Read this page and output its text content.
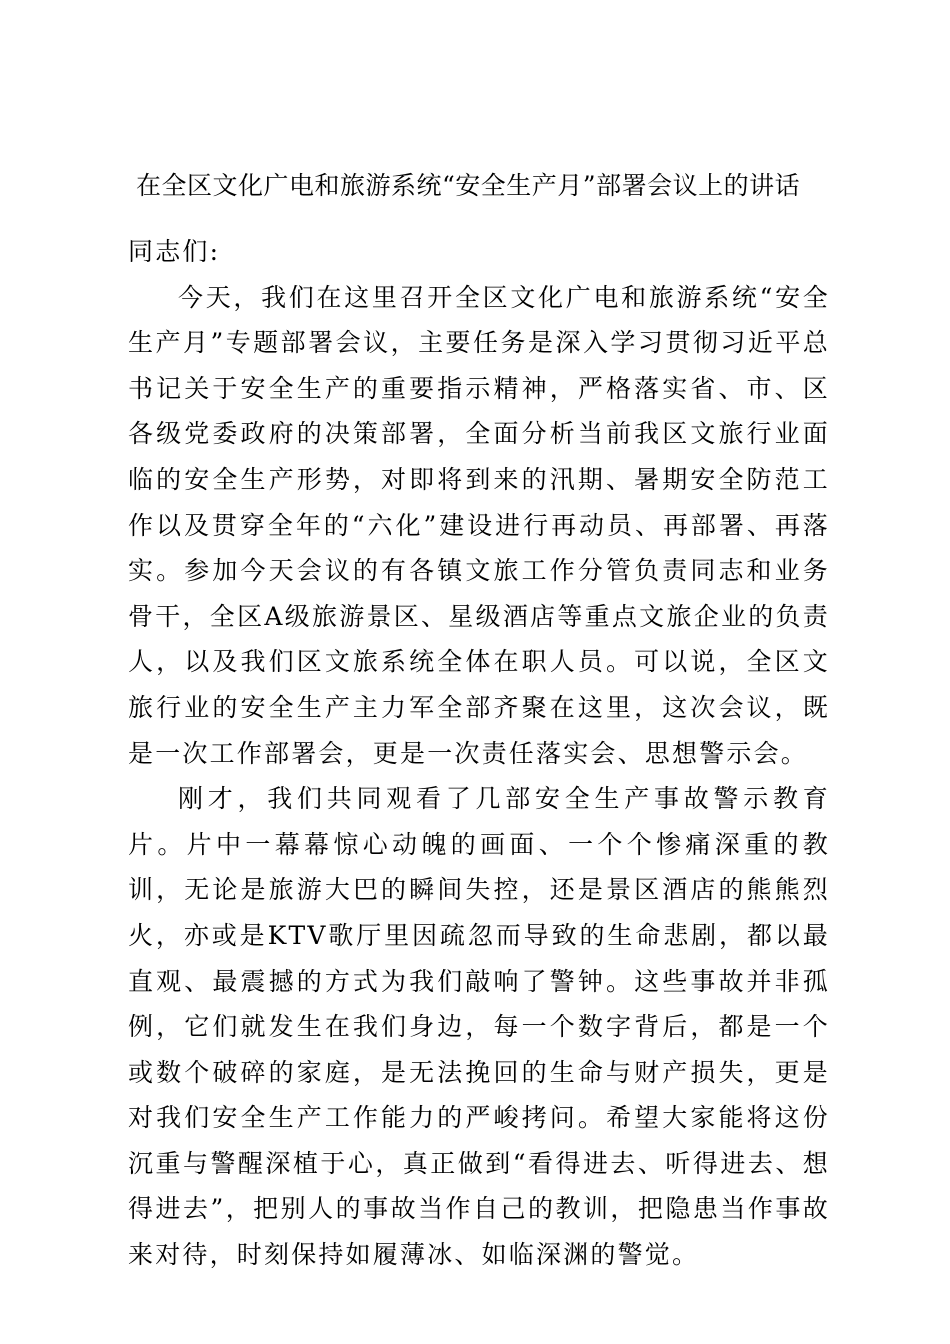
在全区文化广电和旅游系统“安全生产月”部署会议上的讲话

同志们:

今天，我们在这里召开全区文化广电和旅游系统“安全生产月”专题部署会议，主要任务是深入学习贯彻习近平总书记关于安全生产的重要指示精神，严格落实省、市、区各级党委政府的决策部署，全面分析当前我区文旅行业面临的安全生产形势，对即将到来的汛期、暑期安全防范工作以及贯穿全年的“六化”建设进行再动员、再部署、再落实。参加今天会议的有各镇文旅工作分管负责同志和业务骨干，全区A级旅游景区、星级酒店等重点文旅企业的负责人，以及我们区文旅系统全体在职人员。可以说，全区文旅行业的安全生产主力军全部齐聚在这里，这次会议，既是一次工作部署会，更是一次责任落实会、思想警示会。

刚才，我们共同观看了几部安全生产事故警示教育片。片中一幕幕惊心动魄的画面、一个个惨痛深重的教训，无论是旅游大巴的瞬间失控，还是景区酒店的熊熊烈火，亦或是KTV歌厅里因疏忽而导致的生命悲剧，都以最直观、最震撼的方式为我们敲响了警钟。这些事故并非孤例，它们就发生在我们身边，每一个数字背后，都是一个或数个破碎的家庭，是无法挽回的生命与财产损失，更是对我们安全生产工作能力的严峻拷问。希望大家能将这份沉重与警醒深植于心，真正做到“看得进去、听得进去、想得进去”，把别人的事故当作自己的教训，把隐患当作事故来对待，时刻保持如履薄冰、如临深渊的警觉。
